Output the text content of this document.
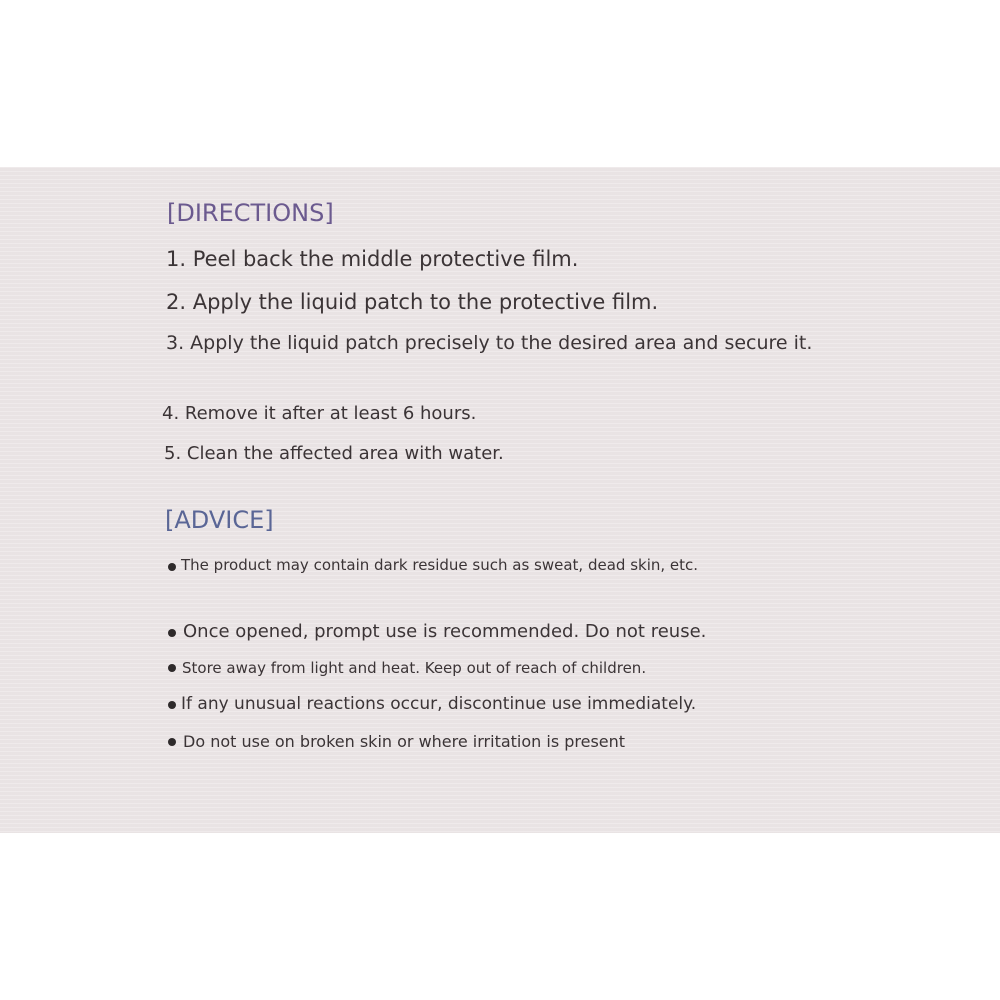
[DIRECTIONS]

1. Peel back the middle protective film.

2. Apply the liquid patch to the protective film.

3. Apply the liquid patch precisely to the desired area and secure it.

4. Remove it after at least 6 hours.

5. Clean the affected area with water.

[ADVICE]

The product may contain dark residue such as sweat, dead skin, etc.

Once opened, prompt use is recommended. Do not reuse.

Store away from light and heat. Keep out of reach of children.

If any unusual reactions occur, discontinue use immediately.

Do not use on broken skin or where irritation is present
